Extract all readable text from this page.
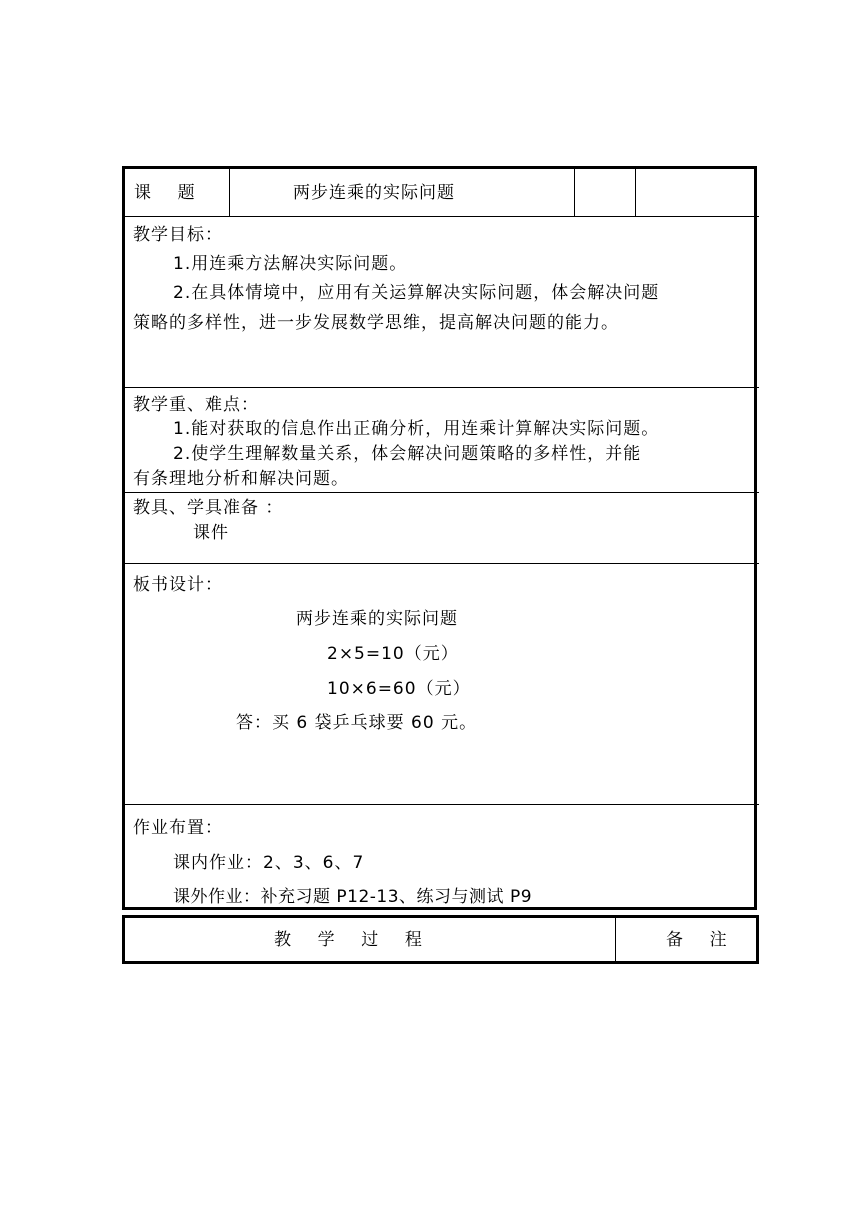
课    题	两步连乘的实际问题
教学目标：
1.用连乘方法解决实际问题。
2.在具体情境中，应用有关运算解决实际问题，体会解决问题
策略的多样性，进一步发展数学思维，提高解决问题的能力。
教学重、难点：
1.能对获取的信息作出正确分析，用连乘计算解决实际问题。
2.使学生理解数量关系，体会解决问题策略的多样性，并能
有条理地分析和解决问题。
教具、学具准备 ：
课件
板书设计：
两步连乘的实际问题
2×5=10（元）
10×6=60（元）
答：买 6 袋乒乓球要 60 元。
作业布置：
课内作业：2、3、6、7
课外作业：补充习题 P12-13、练习与测试 P9
教    学    过    程	备    注
